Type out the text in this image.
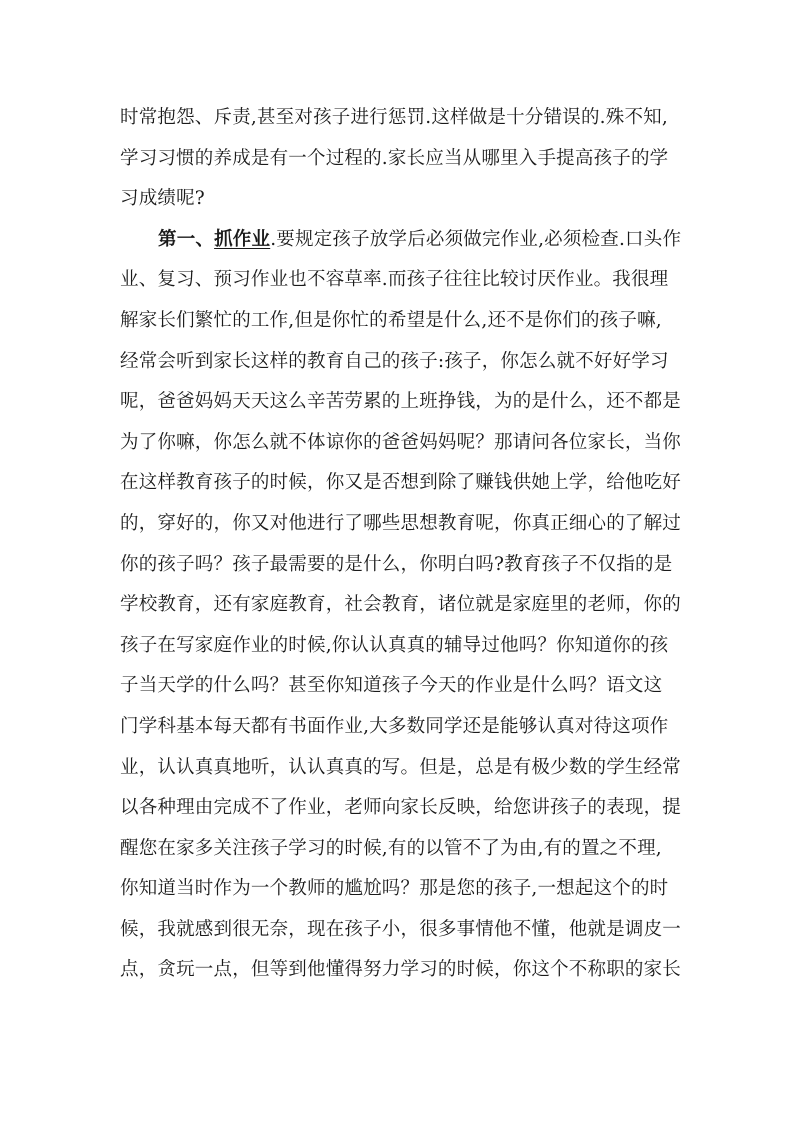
时常抱怨、斥责,甚至对孩子进行惩罚.这样做是十分错误的.殊不知,
学习习惯的养成是有一个过程的.家长应当从哪里入手提高孩子的学
习成绩呢?
第一、抓作业.要规定孩子放学后必须做完作业,必须检查.口头作
业、复习、预习作业也不容草率.而孩子往往比较讨厌作业。我很理
解家长们繁忙的工作,但是你忙的希望是什么,还不是你们的孩子嘛,
经常会听到家长这样的教育自己的孩子:孩子，你怎么就不好好学习
呢，爸爸妈妈天天这么辛苦劳累的上班挣钱，为的是什么，还不都是
为了你嘛，你怎么就不体谅你的爸爸妈妈呢？那请问各位家长，当你
在这样教育孩子的时候，你又是否想到除了赚钱供她上学，给他吃好
的，穿好的，你又对他进行了哪些思想教育呢，你真正细心的了解过
你的孩子吗？孩子最需要的是什么，你明白吗?教育孩子不仅指的是
学校教育，还有家庭教育，社会教育，诸位就是家庭里的老师，你的
孩子在写家庭作业的时候,你认认真真的辅导过他吗？你知道你的孩
子当天学的什么吗？甚至你知道孩子今天的作业是什么吗？语文这
门学科基本每天都有书面作业,大多数同学还是能够认真对待这项作
业，认认真真地听，认认真真的写。但是，总是有极少数的学生经常
以各种理由完成不了作业，老师向家长反映，给您讲孩子的表现，提
醒您在家多关注孩子学习的时候,有的以管不了为由,有的置之不理,
你知道当时作为一个教师的尴尬吗？那是您的孩子,一想起这个的时
候，我就感到很无奈，现在孩子小，很多事情他不懂，他就是调皮一
点，贪玩一点，但等到他懂得努力学习的时候，你这个不称职的家长
